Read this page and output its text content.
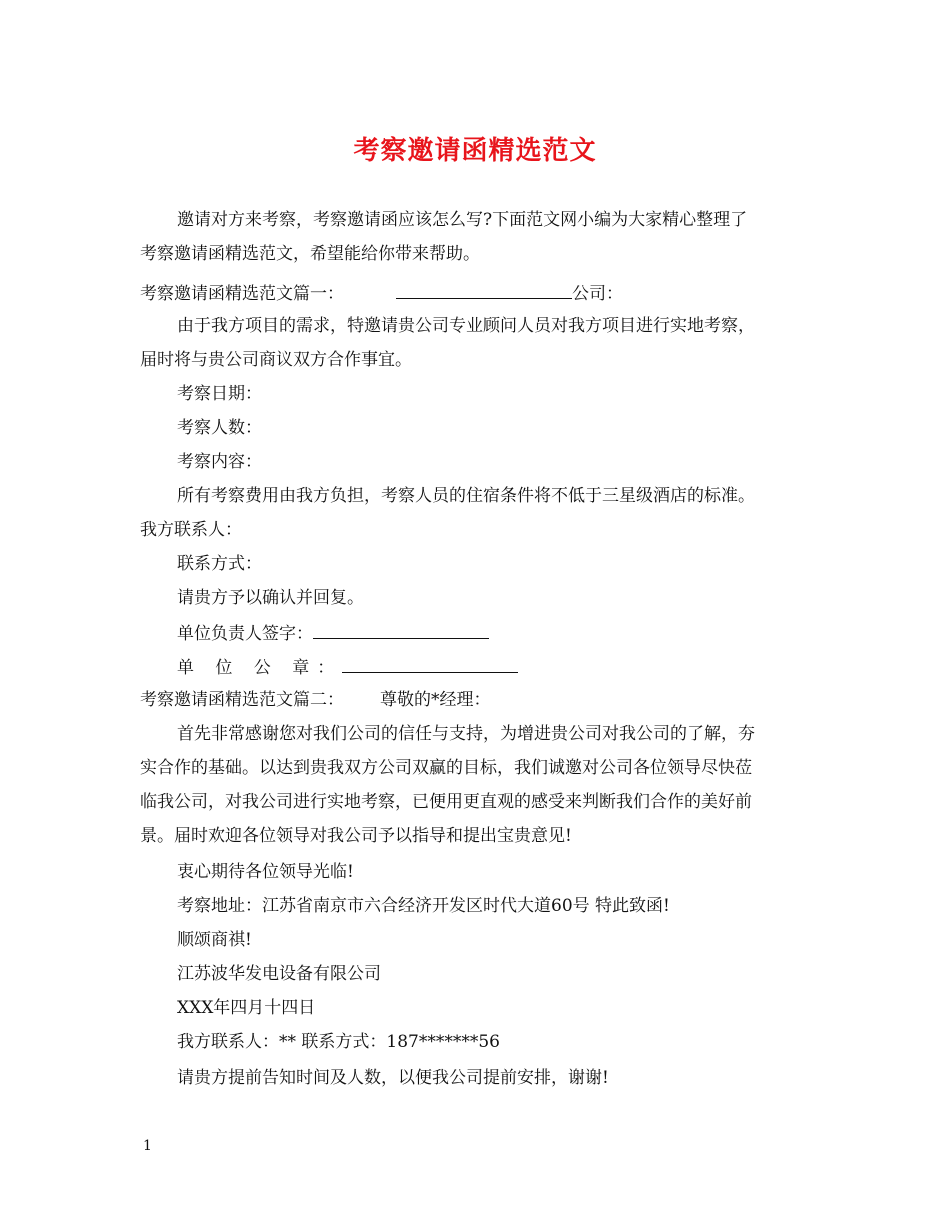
考察邀请函精选范文
邀请对方来考察，考察邀请函应该怎么写?下面范文网小编为大家精心整理了
考察邀请函精选范文，希望能给你带来帮助。
考察邀请函精选范文篇一：	公司：
由于我方项目的需求，特邀请贵公司专业顾问人员对我方项目进行实地考察，
届时将与贵公司商议双方合作事宜。
考察日期：
考察人数：
考察内容：
所有考察费用由我方负担，考察人员的住宿条件将不低于三星级酒店的标准。
我方联系人：
联系方式：
请贵方予以确认并回复。
单位负责人签字：
单 位 公 章：
考察邀请函精选范文篇二： 尊敬的*经理：
首先非常感谢您对我们公司的信任与支持，为增进贵公司对我公司的了解，夯
实合作的基础。以达到贵我双方公司双赢的目标，我们诚邀对公司各位领导尽快莅
临我公司，对我公司进行实地考察，已便用更直观的感受来判断我们合作的美好前
景。届时欢迎各位领导对我公司予以指导和提出宝贵意见!
衷心期待各位领导光临!
考察地址：江苏省南京市六合经济开发区时代大道60号 特此致函!
顺颂商祺!
江苏波华发电设备有限公司
XXX年四月十四日
我方联系人：** 联系方式：187*******56
请贵方提前告知时间及人数，以便我公司提前安排，谢谢!
1
